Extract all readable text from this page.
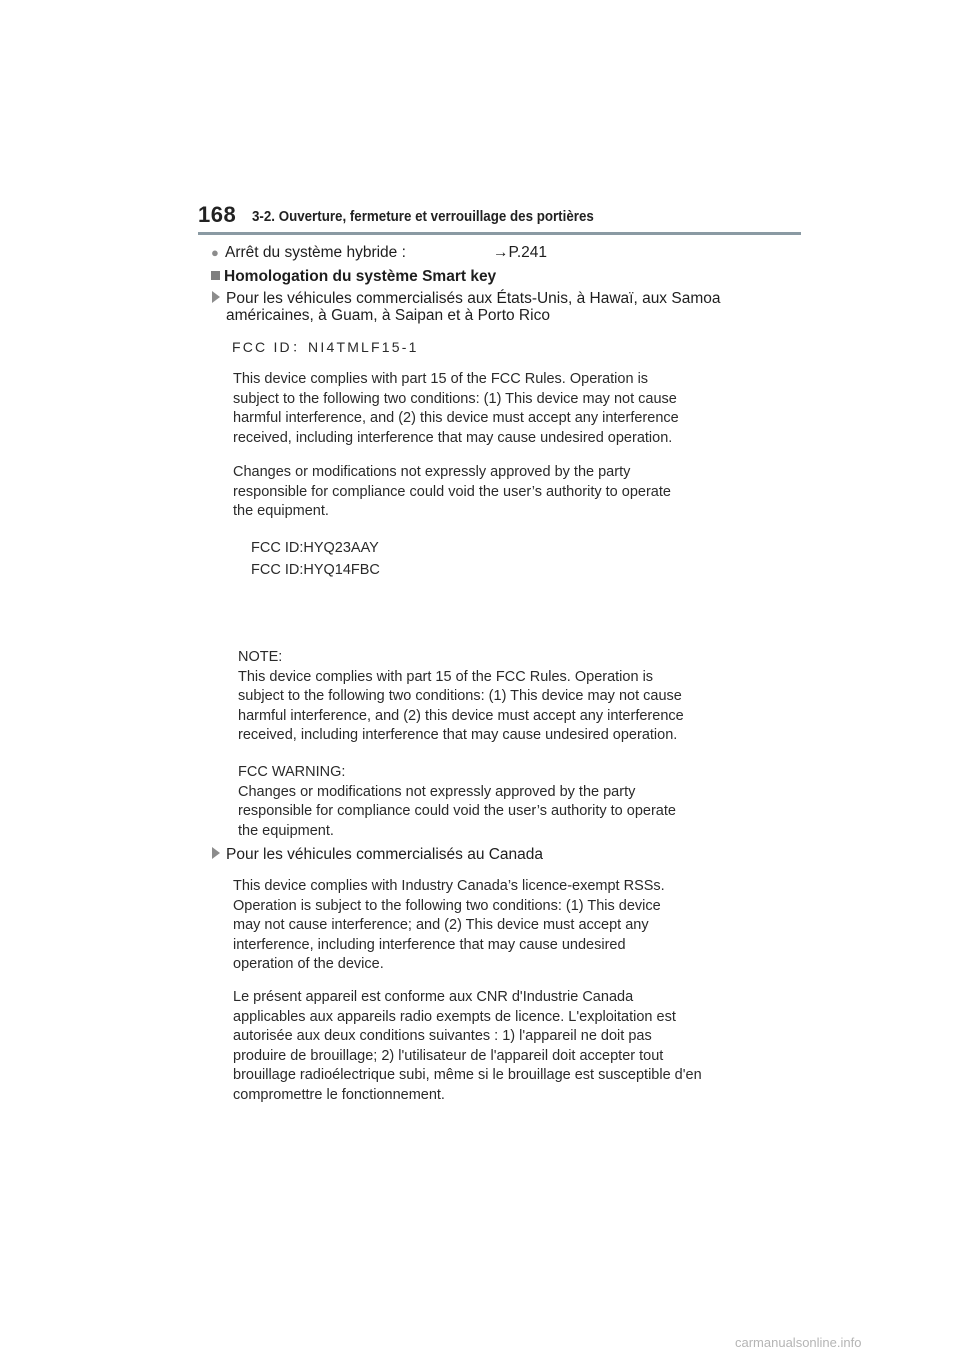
168 3-2. Ouverture, fermeture et verrouillage des portières
● Arrêt du système hybride :	→P.241
Homologation du système Smart key
Pour les véhicules commercialisés aux États-Unis, à Hawaï, aux Samoa
américaines, à Guam, à Saipan et à Porto Rico
FCC ID：NI4TMLF15-1
This device complies with part 15 of the FCC Rules. Operation is
subject to the following two conditions: (1) This device may not cause
harmful interference, and (2) this device must accept any interference
received, including interference that may cause undesired operation.
Changes or modifications not expressly approved by the party
responsible for compliance could void the user’s authority to operate
the equipment.
FCC ID:HYQ23AAY
FCC ID:HYQ14FBC
NOTE:
This device complies with part 15 of the FCC Rules. Operation is
subject to the following two conditions: (1) This device may not cause
harmful interference, and (2) this device must accept any interference
received, including interference that may cause undesired operation.
FCC WARNING:
Changes or modifications not expressly approved by the party
responsible for compliance could void the user’s authority to operate
the equipment.
Pour les véhicules commercialisés au Canada
This device complies with Industry Canada’s licence-exempt RSSs.
Operation is subject to the following two conditions: (1) This device
may not cause interference; and (2) This device must accept any
interference, including interference that may cause undesired
operation of the device.
Le présent appareil est conforme aux CNR d'Industrie Canada
applicables aux appareils radio exempts de licence. L'exploitation est
autorisée aux deux conditions suivantes : 1) l'appareil ne doit pas
produire de brouillage; 2) l'utilisateur de l'appareil doit accepter tout
brouillage radioélectrique subi, même si le brouillage est susceptible d'en
compromettre le fonctionnement.
carmanualsonline.info
